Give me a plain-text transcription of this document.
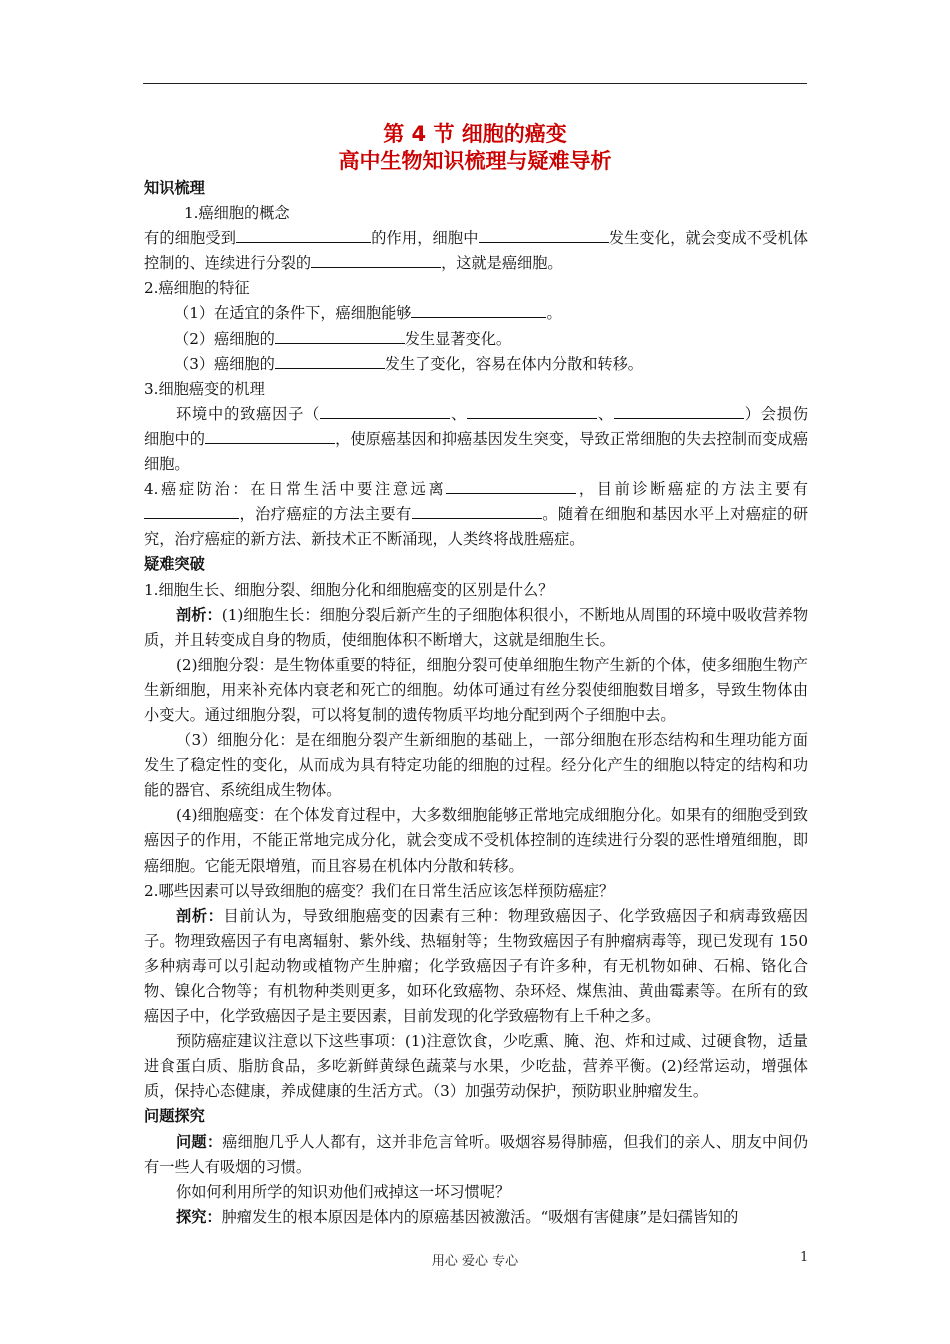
第 4 节 细胞的癌变
高中生物知识梳理与疑难导析

知识梳理

1.癌细胞的概念

有的细胞受到	的作用，细胞中	发生变化，就会变成不受机体控制的、连续进行分裂的	，这就是癌细胞。

2.癌细胞的特征

（1）在适宜的条件下，癌细胞能够	。

（2）癌细胞的	发生显著变化。

（3）癌细胞的	发生了变化，容易在体内分散和转移。

3.细胞癌变的机理

环境中的致癌因子（	、	、	）会损伤细胞中的	，使原癌基因和抑癌基因发生突变，导致正常细胞的失去控制而变成癌细胞。

4.癌症防治：在日常生活中要注意远离	，目前诊断癌症的方法主要有，治疗癌症的方法主要有	。随着在细胞和基因水平上对癌症的研究，治疗癌症的新方法、新技术正不断涌现，人类终将战胜癌症。

疑难突破

1.细胞生长、细胞分裂、细胞分化和细胞癌变的区别是什么？

剖析：(1)细胞生长：细胞分裂后新产生的子细胞体积很小，不断地从周围的环境中吸收营养物质，并且转变成自身的物质，使细胞体积不断增大，这就是细胞生长。

(2)细胞分裂：是生物体重要的特征，细胞分裂可使单细胞生物产生新的个体，使多细胞生物产生新细胞，用来补充体内衰老和死亡的细胞。幼体可通过有丝分裂使细胞数目增多，导致生物体由小变大。通过细胞分裂，可以将复制的遗传物质平均地分配到两个子细胞中去。

（3）细胞分化：是在细胞分裂产生新细胞的基础上，一部分细胞在形态结构和生理功能方面发生了稳定性的变化，从而成为具有特定功能的细胞的过程。经分化产生的细胞以特定的结构和功能的器官、系统组成生物体。

(4)细胞癌变：在个体发育过程中，大多数细胞能够正常地完成细胞分化。如果有的细胞受到致癌因子的作用，不能正常地完成分化，就会变成不受机体控制的连续进行分裂的恶性增殖细胞，即癌细胞。它能无限增殖，而且容易在机体内分散和转移。

2.哪些因素可以导致细胞的癌变？我们在日常生活应该怎样预防癌症？

剖析：目前认为，导致细胞癌变的因素有三种：物理致癌因子、化学致癌因子和病毒致癌因子。物理致癌因子有电离辐射、紫外线、热辐射等；生物致癌因子有肿瘤病毒等，现已发现有 150 多种病毒可以引起动物或植物产生肿瘤；化学致癌因子有许多种，有无机物如砷、石棉、铬化合物、镍化合物等；有机物种类则更多，如环化致癌物、杂环烃、煤焦油、黄曲霉素等。在所有的致癌因子中，化学致癌因子是主要因素，目前发现的化学致癌物有上千种之多。

预防癌症建议注意以下这些事项：(1)注意饮食，少吃熏、腌、泡、炸和过咸、过硬食物，适量进食蛋白质、脂肪食品，多吃新鲜黄绿色蔬菜与水果，少吃盐，营养平衡。(2)经常运动，增强体质，保持心态健康，养成健康的生活方式。（3）加强劳动保护，预防职业肿瘤发生。

问题探究

问题：癌细胞几乎人人都有，这并非危言耸听。吸烟容易得肺癌，但我们的亲人、朋友中间仍有一些人有吸烟的习惯。

你如何利用所学的知识劝他们戒掉这一坏习惯呢？

探究：肿瘤发生的根本原因是体内的原癌基因被激活。“吸烟有害健康”是妇孺皆知的

用心 爱心 专心	1
